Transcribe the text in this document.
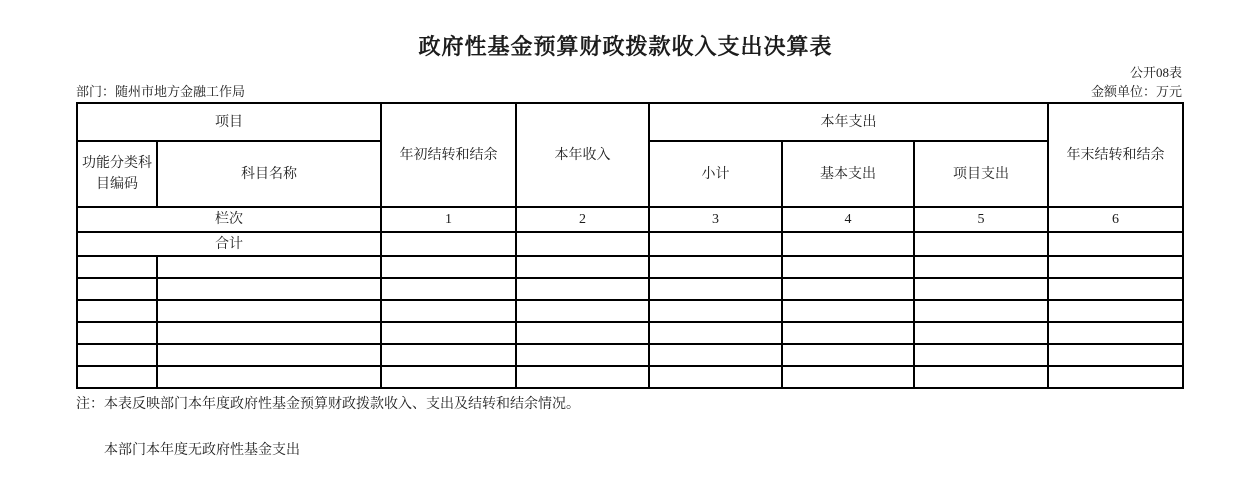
政府性基金预算财政拨款收入支出决算表
公开08表
部门：随州市地方金融工作局	金额单位：万元
项目		年初结转和结余	本年收入	本年支出			年末结转和结余
功能分类科目编码	科目名称			小计	基本支出	项目支出	
栏次		1	2	3	4	5	6
合计							

注：本表反映部门本年度政府性基金预算财政拨款收入、支出及结转和结余情况。
本部门本年度无政府性基金支出
